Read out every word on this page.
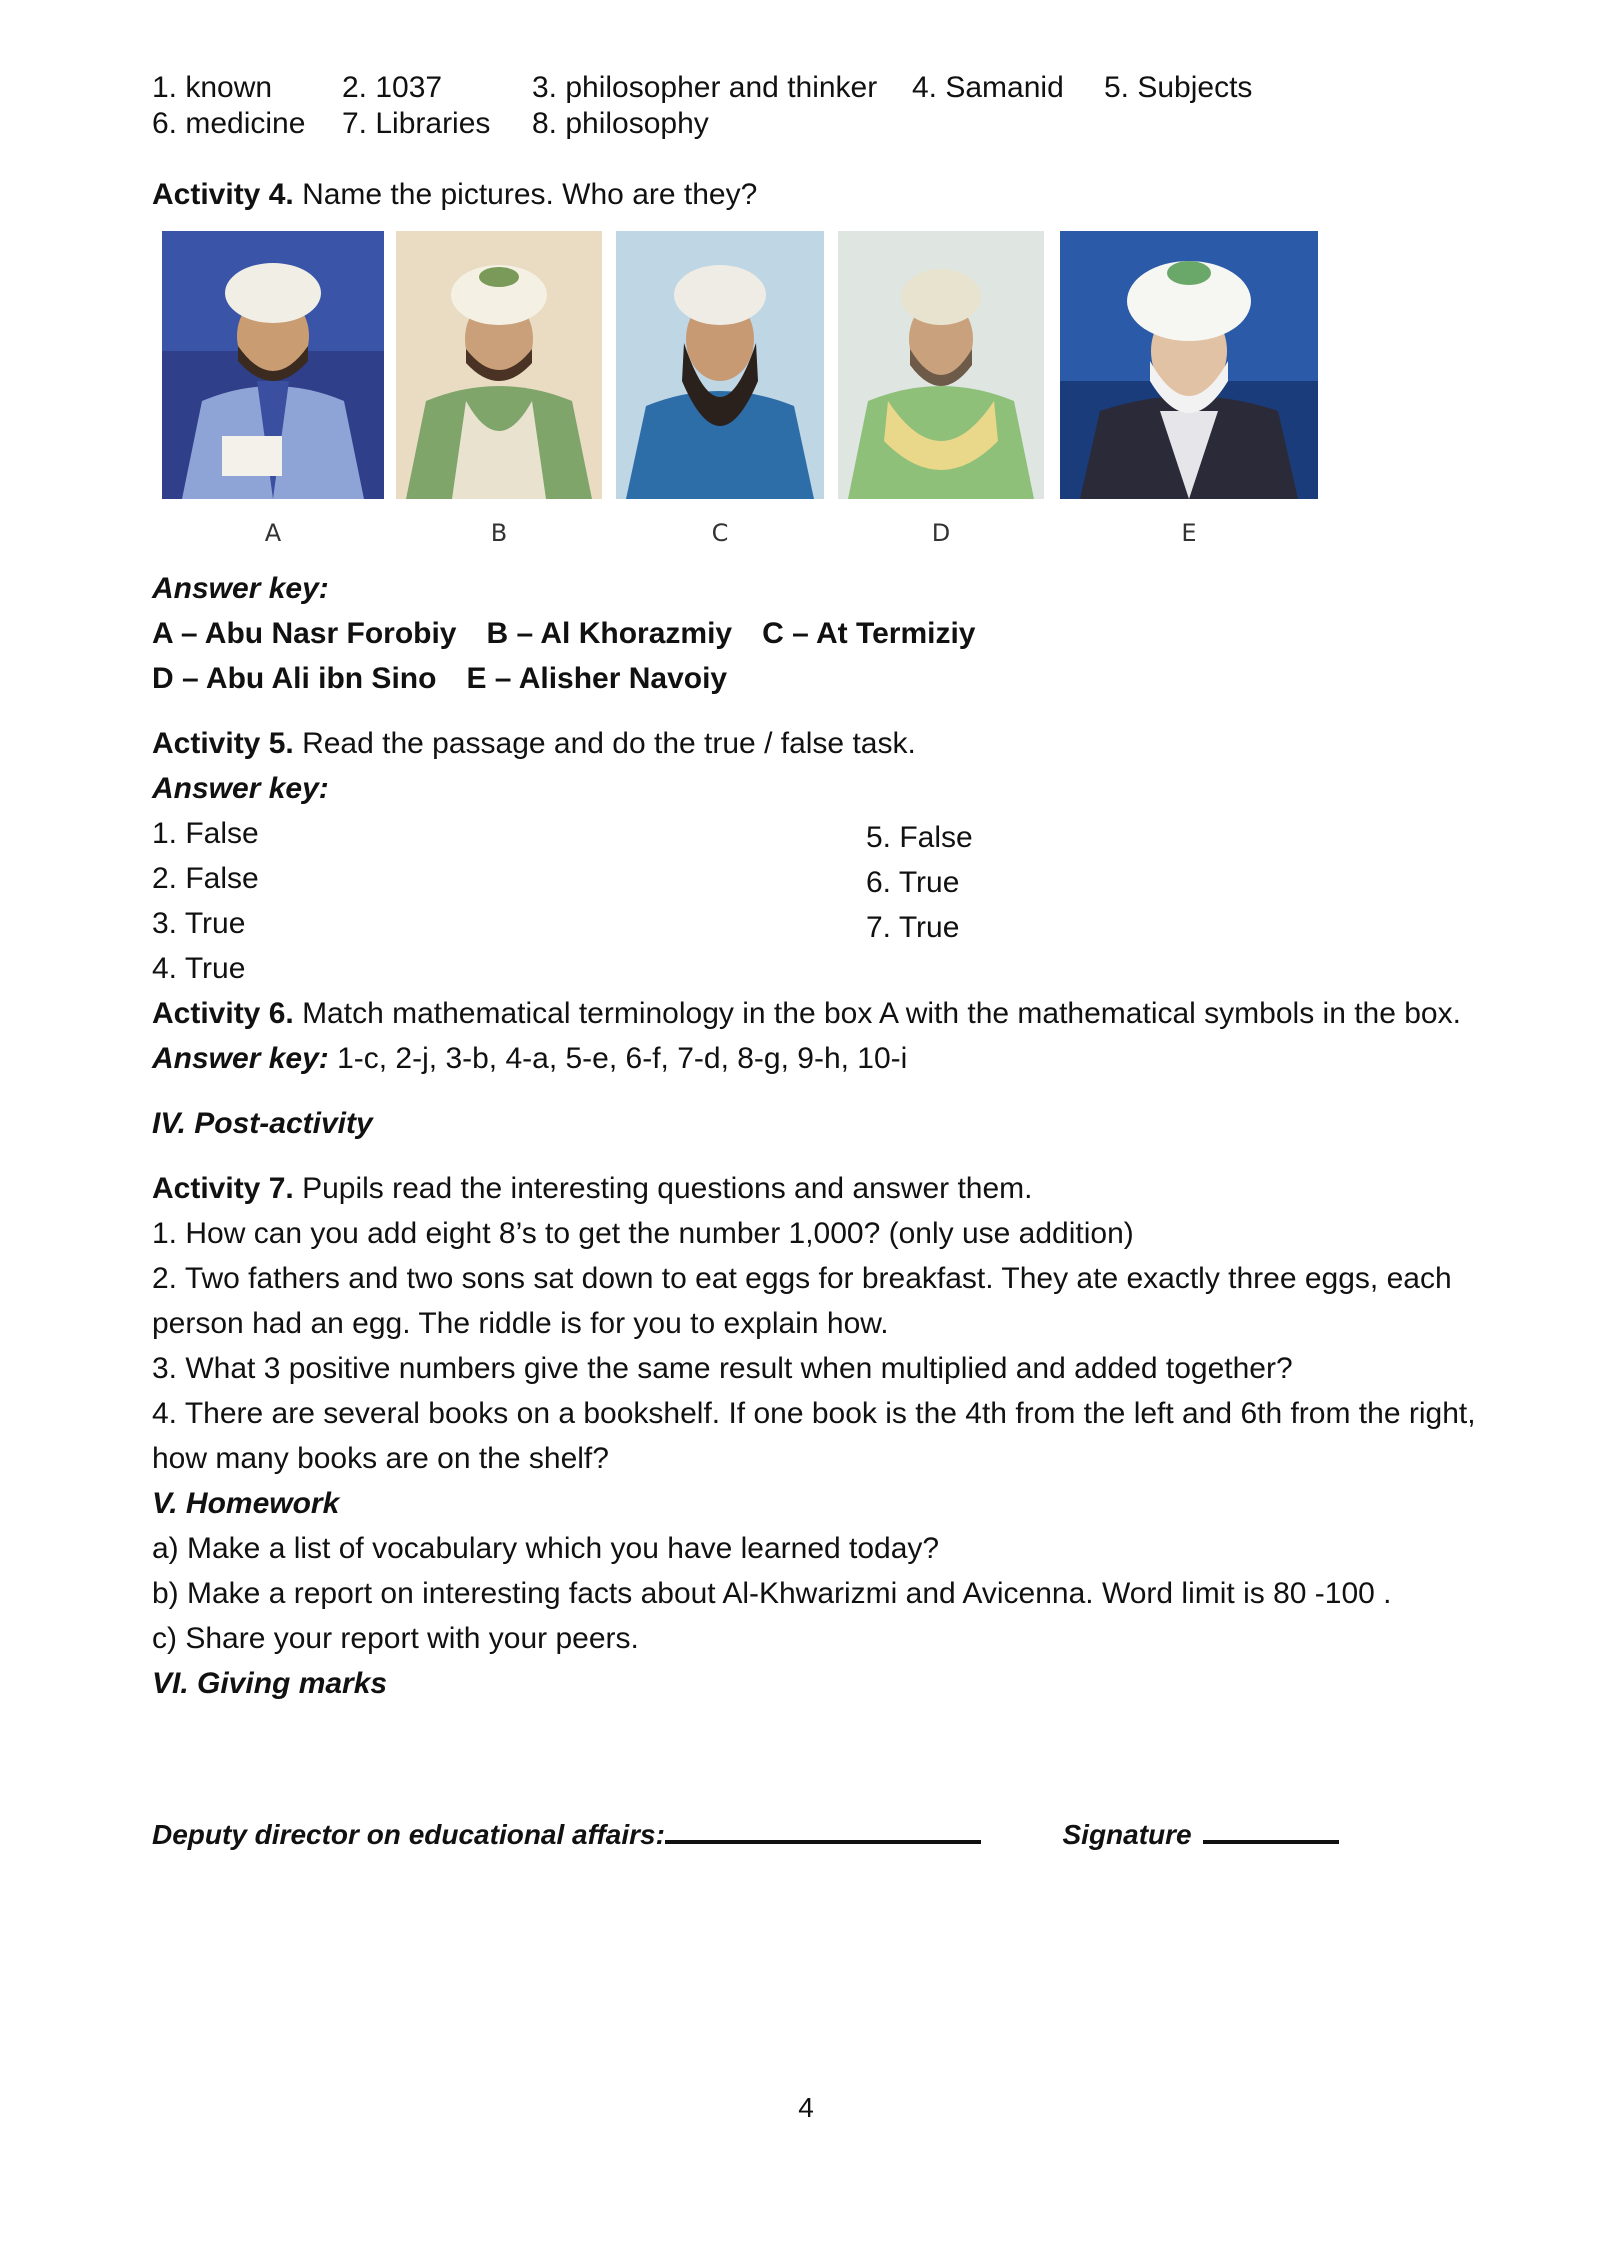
1. known	2. 1037	3. philosopher and thinker	4. Samanid	5. Subjects
6. medicine	7. Libraries	8. philosophy
Activity 4. Name the pictures. Who are they?
A	B	C	D	E
Answer key:
A – Abu Nasr Forobiy B – Al Khorazmiy C – At Termiziy
D – Abu Ali ibn Sino E – Alisher Navoiy
Activity 5. Read the passage and do the true / false task.
Answer key:
5. False
6. True
7. True
1. False
2. False
3. True
4. True
Activity 6. Match mathematical terminology in the box A with the mathematical symbols in the box.
Answer key: 1-c, 2-j, 3-b, 4-a, 5-e, 6-f, 7-d, 8-g, 9-h, 10-i
IV. Post-activity
Activity 7. Pupils read the interesting questions and answer them.
1. How can you add eight 8’s to get the number 1,000? (only use addition)
2. Two fathers and two sons sat down to eat eggs for breakfast. They ate exactly three eggs, each
person had an egg. The riddle is for you to explain how.
3. What 3 positive numbers give the same result when multiplied and added together?
4. There are several books on a bookshelf. If one book is the 4th from the left and 6th from the right,
how many books are on the shelf?
V. Homework
a) Make a list of vocabulary which you have learned today?
b) Make a report on interesting facts about Al-Khwarizmi and Avicenna. Word limit is 80 -100 .
c) Share your report with your peers.
VI. Giving marks
Deputy director on educational affairs:	Signature
4
